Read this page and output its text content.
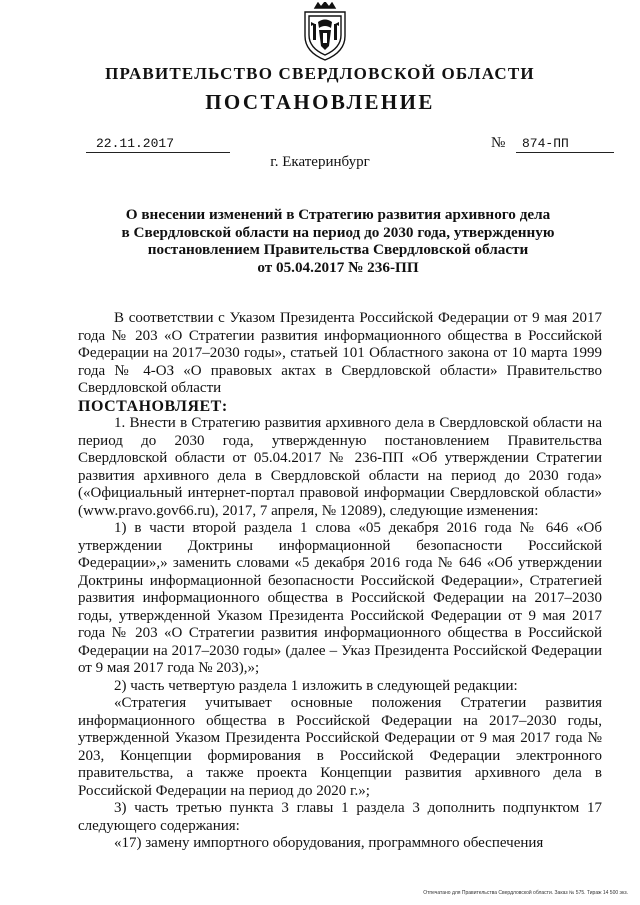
ПРАВИТЕЛЬСТВО СВЕРДЛОВСКОЙ ОБЛАСТИ
ПОСТАНОВЛЕНИЕ
22.11.2017	№	874-ПП
г. Екатеринбург
О внесении изменений в Стратегию развития архивного дела
в Свердловской области на период до 2030 года, утвержденную
постановлением Правительства Свердловской области
от 05.04.2017 № 236-ПП

В соответствии с Указом Президента Российской Федерации от 9 мая 2017 года № 203 «О Стратегии развития информационного общества в Российской Федерации на 2017–2030 годы», статьей 101 Областного закона от 10 марта 1999 года № 4-ОЗ «О правовых актах в Свердловской области» Правительство Свердловской области

ПОСТАНОВЛЯЕТ:

1. Внести в Стратегию развития архивного дела в Свердловской области на период до 2030 года, утвержденную постановлением Правительства Свердловской области от 05.04.2017 № 236-ПП «Об утверждении Стратегии развития архивного дела в Свердловской области на период до 2030 года» («Официальный интернет-портал правовой информации Свердловской области» (www.pravo.gov66.ru), 2017, 7 апреля, № 12089), следующие изменения:

1) в части второй раздела 1 слова «05 декабря 2016 года № 646 «Об утверждении Доктрины информационной безопасности Российской Федерации»,» заменить словами «5 декабря 2016 года № 646 «Об утверждении Доктрины информационной безопасности Российской Федерации», Стратегией развития информационного общества в Российской Федерации на 2017–2030 годы, утвержденной Указом Президента Российской Федерации от 9 мая 2017 года № 203 «О Стратегии развития информационного общества в Российской Федерации на 2017–2030 годы» (далее – Указ Президента Российской Федерации от 9 мая 2017 года № 203),»;

2) часть четвертую раздела 1 изложить в следующей редакции:

«Стратегия учитывает основные положения Стратегии развития информационного общества в Российской Федерации на 2017–2030 годы, утвержденной Указом Президента Российской Федерации от 9 мая 2017 года № 203, Концепции формирования в Российской Федерации электронного правительства, а также проекта Концепции развития архивного дела в Российской Федерации на период до 2020 г.»;

3) часть третью пункта 3 главы 1 раздела 3 дополнить подпунктом 17 следующего содержания:

«17) замену импортного оборудования, программного обеспечения

Отпечатано для Правительства Свердловской области. Заказ № 575. Тираж 14 500 экз.
